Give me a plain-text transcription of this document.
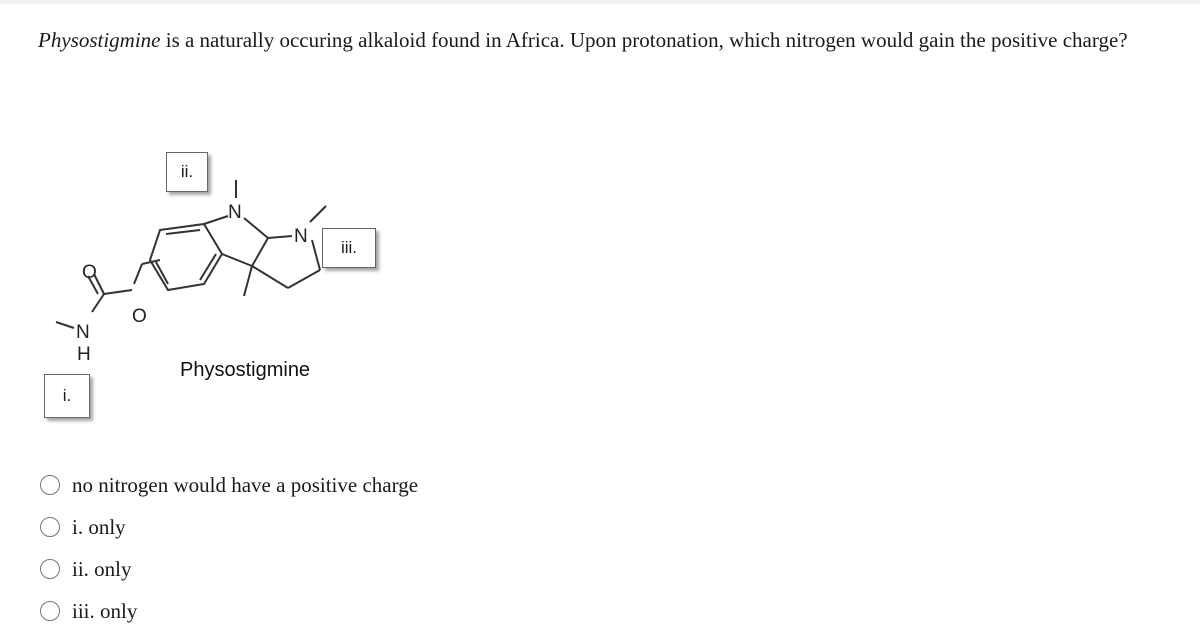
Physostigmine is a naturally occuring alkaloid found in Africa. Upon protonation, which nitrogen would gain the positive charge?
N
N
O
O
N
H
ii.
iii.
i.
Physostigmine
no nitrogen would have a positive charge
i. only
ii. only
iii. only
